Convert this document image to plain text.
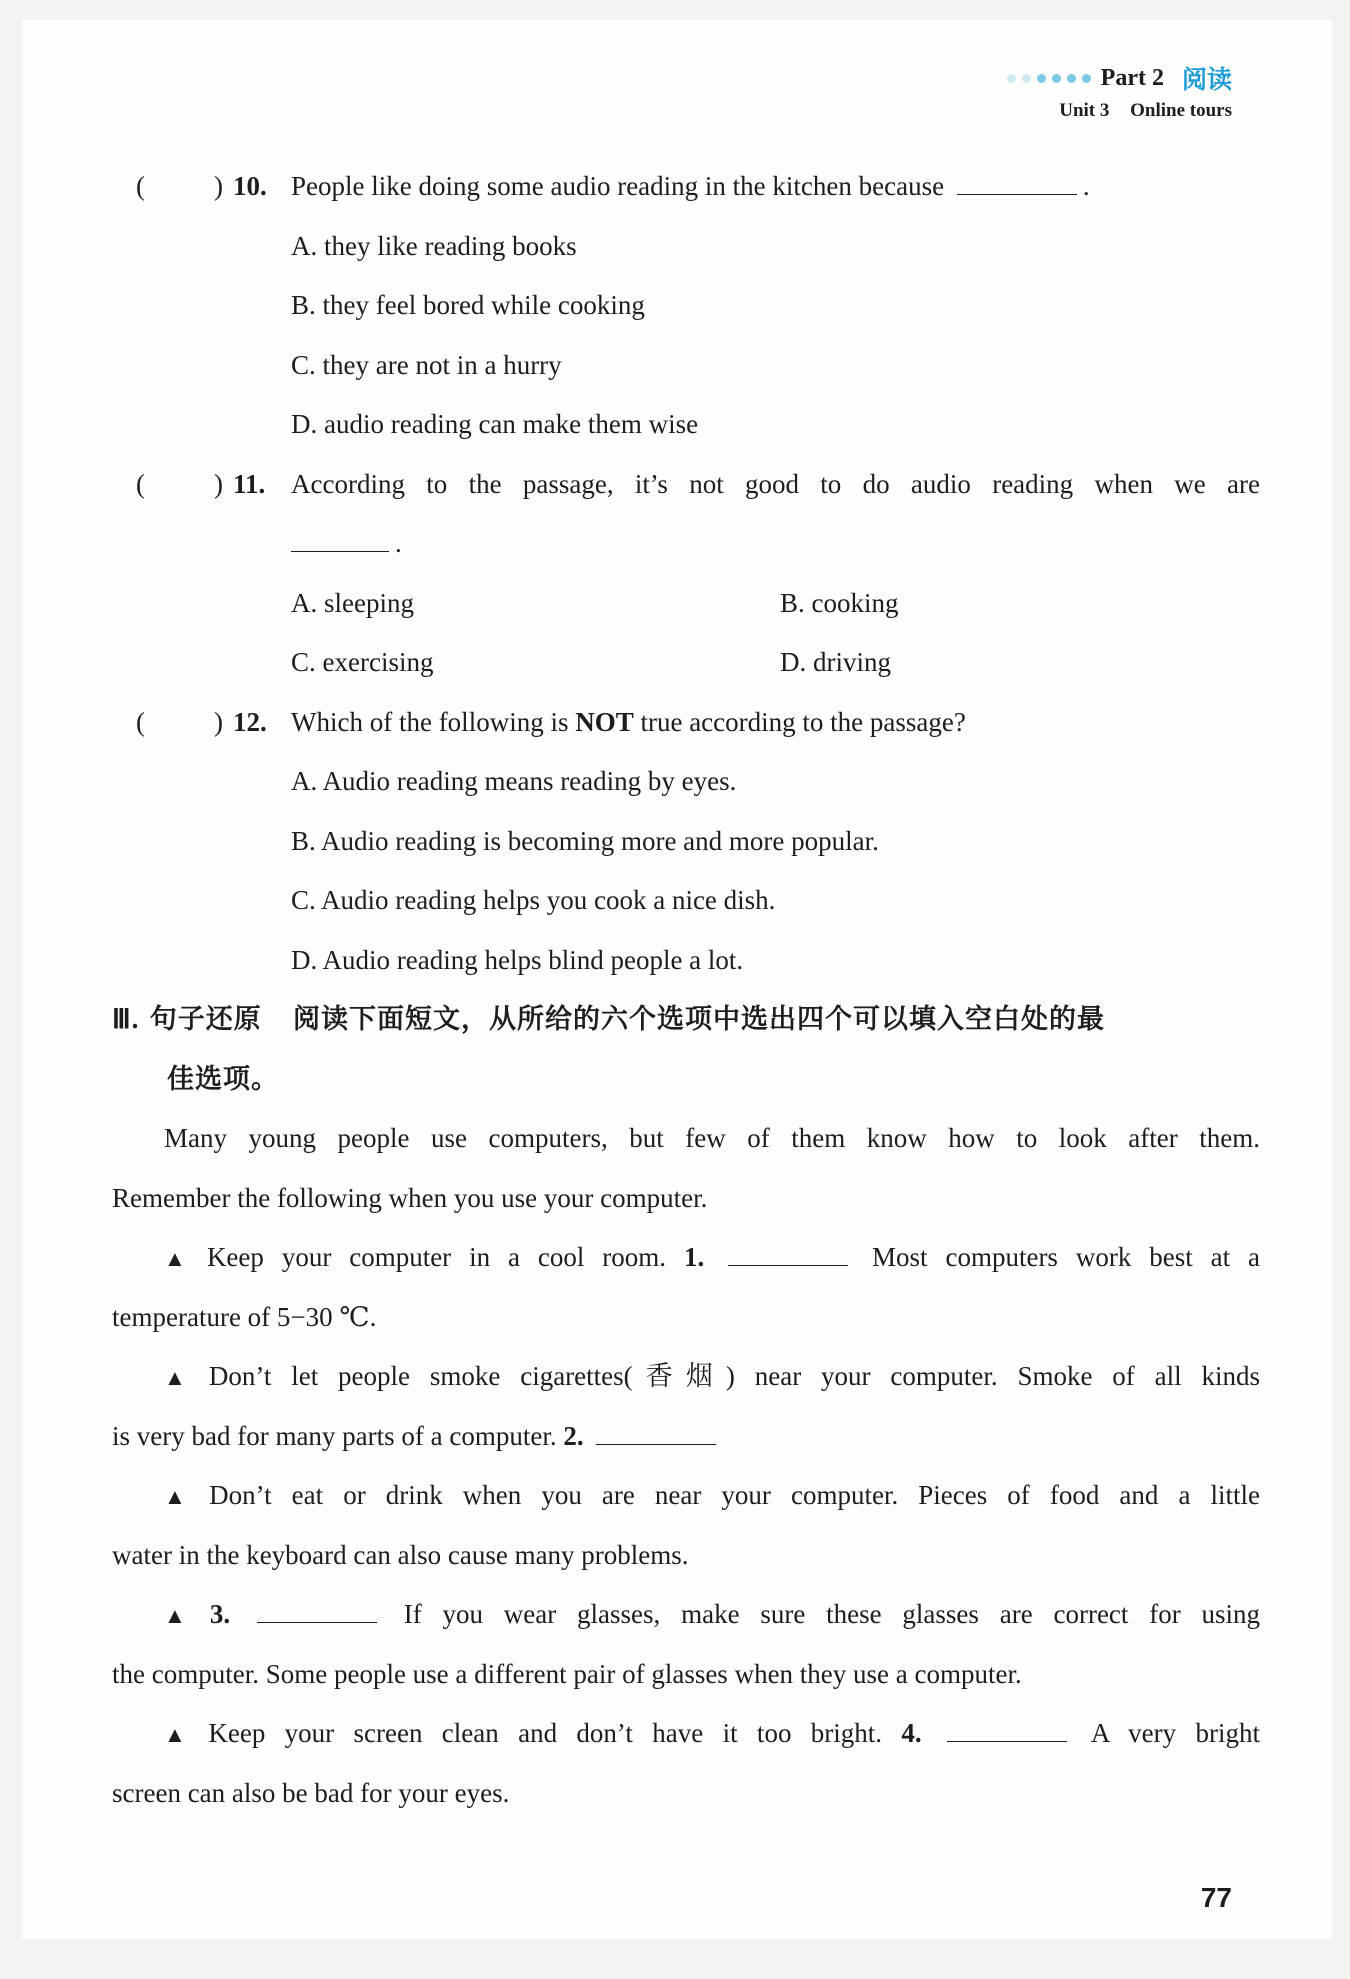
Part 2 阅读
Unit 3 Online tours
(	) 10. People like doing some audio reading in the kitchen because	.
A. they like reading books
B. they feel bored while cooking
C. they are not in a hurry
D. audio reading can make them wise
(	) 11. According to the passage, it’s not good to do audio reading when we are
.
A. sleeping	B. cooking
C. exercising	D. driving
(	) 12. Which of the following is NOT true according to the passage?
A. Audio reading means reading by eyes.
B. Audio reading is becoming more and more popular.
C. Audio reading helps you cook a nice dish.
D. Audio reading helps blind people a lot.
Ⅲ. 句子还原 阅读下面短文，从所给的六个选项中选出四个可以填入空白处的最
佳选项。
Many young people use computers, but few of them know how to look after them.
Remember the following when you use your computer.
▲ Keep your computer in a cool room. 1.	Most computers work best at a
temperature of 5−30 ℃.
▲ Don’t let people smoke cigarettes(香烟) near your computer. Smoke of all kinds
is very bad for many parts of a computer. 2.
▲ Don’t eat or drink when you are near your computer. Pieces of food and a little
water in the keyboard can also cause many problems.
▲ 3.	If you wear glasses, make sure these glasses are correct for using
the computer. Some people use a different pair of glasses when they use a computer.
▲ Keep your screen clean and don’t have it too bright. 4.	A very bright
screen can also be bad for your eyes.
77
